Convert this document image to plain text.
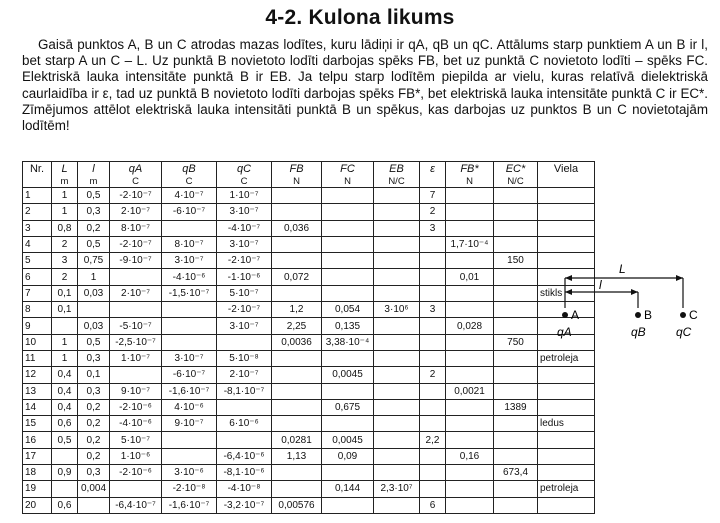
4-2. Kulona likums

Gaisā punktos A, B un C atrodas mazas lodītes, kuru lādiņi ir qA, qB un qC. Attālums starp punktiem A un B ir l, bet starp A un C – L. Uz punktā B novietoto lodīti darbojas spēks FB, bet uz punktā C novietoto lodīti – spēks FC. Elektriskā lauka intensitāte punktā B ir EB. Ja telpu starp lodītēm piepilda ar vielu, kuras relatīvā dielektriskā caurlaidība ir ε, tad uz punktā B novietoto lodīti darbojas spēks FB*, bet elektriskā lauka intensitāte punktā C ir EC*. Zīmējumos attēlot elektriskā lauka intensitāti punktā B un spēkus, kas darbojas uz punktos B un C novietotajām lodītēm!

Nr.	L	l	qA	qB	qC	FB	FC	EB	ε	FB*	EC*	Viela
	m	m	C	C	C	N	N	N/C		N	N/C	
1	1	0,5	-2·10⁻⁷	4·10⁻⁷	1·10⁻⁷				7			
2	1	0,3	2·10⁻⁷	-6·10⁻⁷	3·10⁻⁷				2			
3	0,8	0,2	8·10⁻⁷		-4·10⁻⁷	0,036			3			
4	2	0,5	-2·10⁻⁷	8·10⁻⁷	3·10⁻⁷					1,7·10⁻⁴		
5	3	0,75	-9·10⁻⁷	3·10⁻⁷	-2·10⁻⁷						150	
6	2	1		-4·10⁻⁶	-1·10⁻⁶	0,072				0,01		
7	0,1	0,03	2·10⁻⁷	-1,5·10⁻⁷	5·10⁻⁷							stikls
8	0,1				-2·10⁻⁷	1,2	0,054	3·10⁶	3			
9		0,03	-5·10⁻⁷		3·10⁻⁷	2,25	0,135			0,028		
10	1	0,5	-2,5·10⁻⁷			0,0036	3,38·10⁻⁴				750	
11	1	0,3	1·10⁻⁷	3·10⁻⁷	5·10⁻⁸							petroleja
12	0,4	0,1		-6·10⁻⁷	2·10⁻⁷		0,0045		2			
13	0,4	0,3	9·10⁻⁷	-1,6·10⁻⁷	-8,1·10⁻⁷					0,0021		
14	0,4	0,2	-2·10⁻⁶	4·10⁻⁶			0,675				1389	
15	0,6	0,2	-4·10⁻⁶	9·10⁻⁷	6·10⁻⁶							ledus
16	0,5	0,2	5·10⁻⁷			0,0281	0,0045		2,2			
17		0,2	1·10⁻⁶		-6,4·10⁻⁶	1,13	0,09			0,16		
18	0,9	0,3	-2·10⁻⁶	3·10⁻⁶	-8,1·10⁻⁶						673,4	
19		0,004		-2·10⁻⁸	-4·10⁻⁸		0,144	2,3·10⁷				petroleja
20	0,6		-6,4·10⁻⁷	-1,6·10⁻⁷	-3,2·10⁻⁷	0,00576			6			
L
l
A	B	C
qA	qB	qC
